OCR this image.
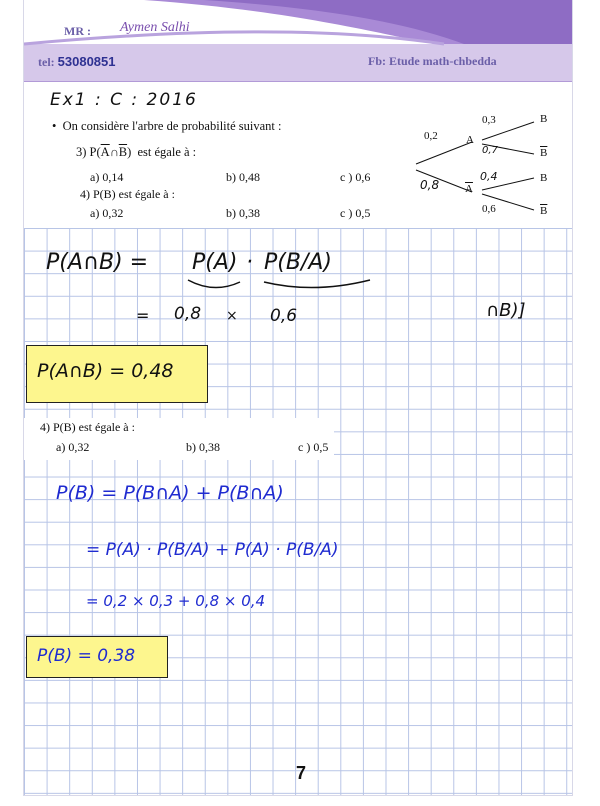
MR : Aymen Salhi
tel: 53080851	Fb: Etude math-chbedda
Ex1 : C : 2016
•  On considère l'arbre de probabilité suivant :
3) $P(\overline{A}\cap\overline{B})$ est égale à :
a) 0,14	b) 0,48	c ) 0,6
4) P(B) est égale à :
a) 0,32	b) 0,38	c ) 0,5
0,2
0,8
A
$\overline{A}$
0,3
0,7
0,4
0,6
B
$\overline{B}$
B
$\overline{B}$
P(A∩B) = P(A) · P(B/A)
= 0,8 × 0,6	∩B)]
P(A∩B) = 0,48
4) P(B) est égale à :
a) 0,32	b) 0,38	c ) 0,5
P(B) = P(B∩A) + P(B∩A)
= P(A) · P(B/A) + P(A) · P(B/A)
= 0,2 × 0,3 + 0,8 × 0,4
P(B) = 0,38
7
